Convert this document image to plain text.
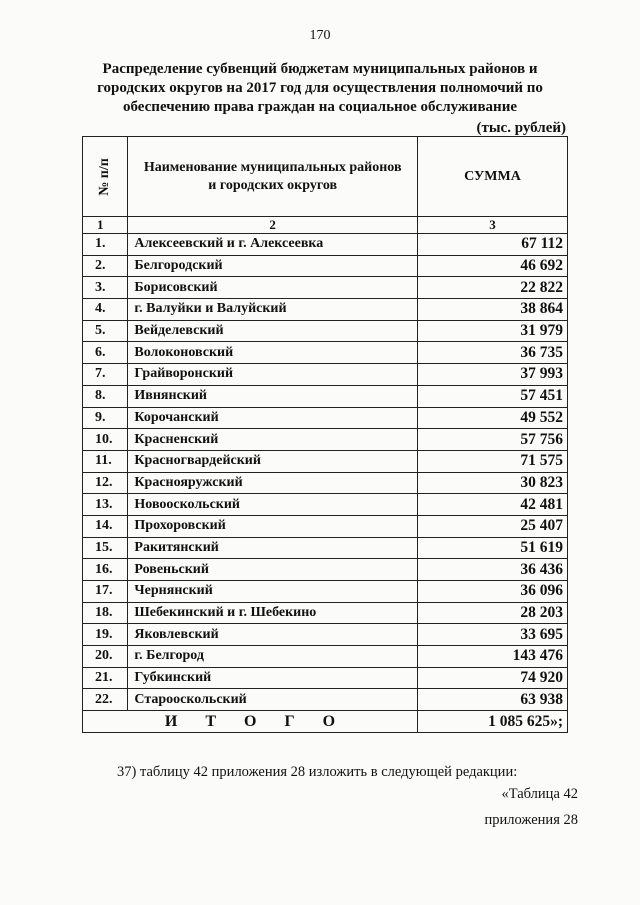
170
Распределение субвенций бюджетам муниципальных районов и городских округов на 2017 год для осуществления полномочий по обеспечению права граждан на социальное обслуживание
(тыс. рублей)
№ п/п	Наименование муниципальных районов и городских округов	СУММА
1	2	3
1.	Алексеевский и г. Алексеевка	67 112
2.	Белгородский	46 692
3.	Борисовский	22 822
4.	г. Валуйки и Валуйский	38 864
5.	Вейделевский	31 979
6.	Волоконовский	36 735
7.	Грайворонский	37 993
8.	Ивнянский	57 451
9.	Корочанский	49 552
10.	Красненский	57 756
11.	Красногвардейский	71 575
12.	Краснояружский	30 823
13.	Новооскольский	42 481
14.	Прохоровский	25 407
15.	Ракитянский	51 619
16.	Ровеньский	36 436
17.	Чернянский	36 096
18.	Шебекинский и г. Шебекино	28 203
19.	Яковлевский	33 695
20.	г. Белгород	143 476
21.	Губкинский	74 920
22.	Старооскольский	63 938
И Т О Г О		1 085 625»;
37) таблицу 42 приложения 28 изложить в следующей редакции:
«Таблица 42
приложения 28
